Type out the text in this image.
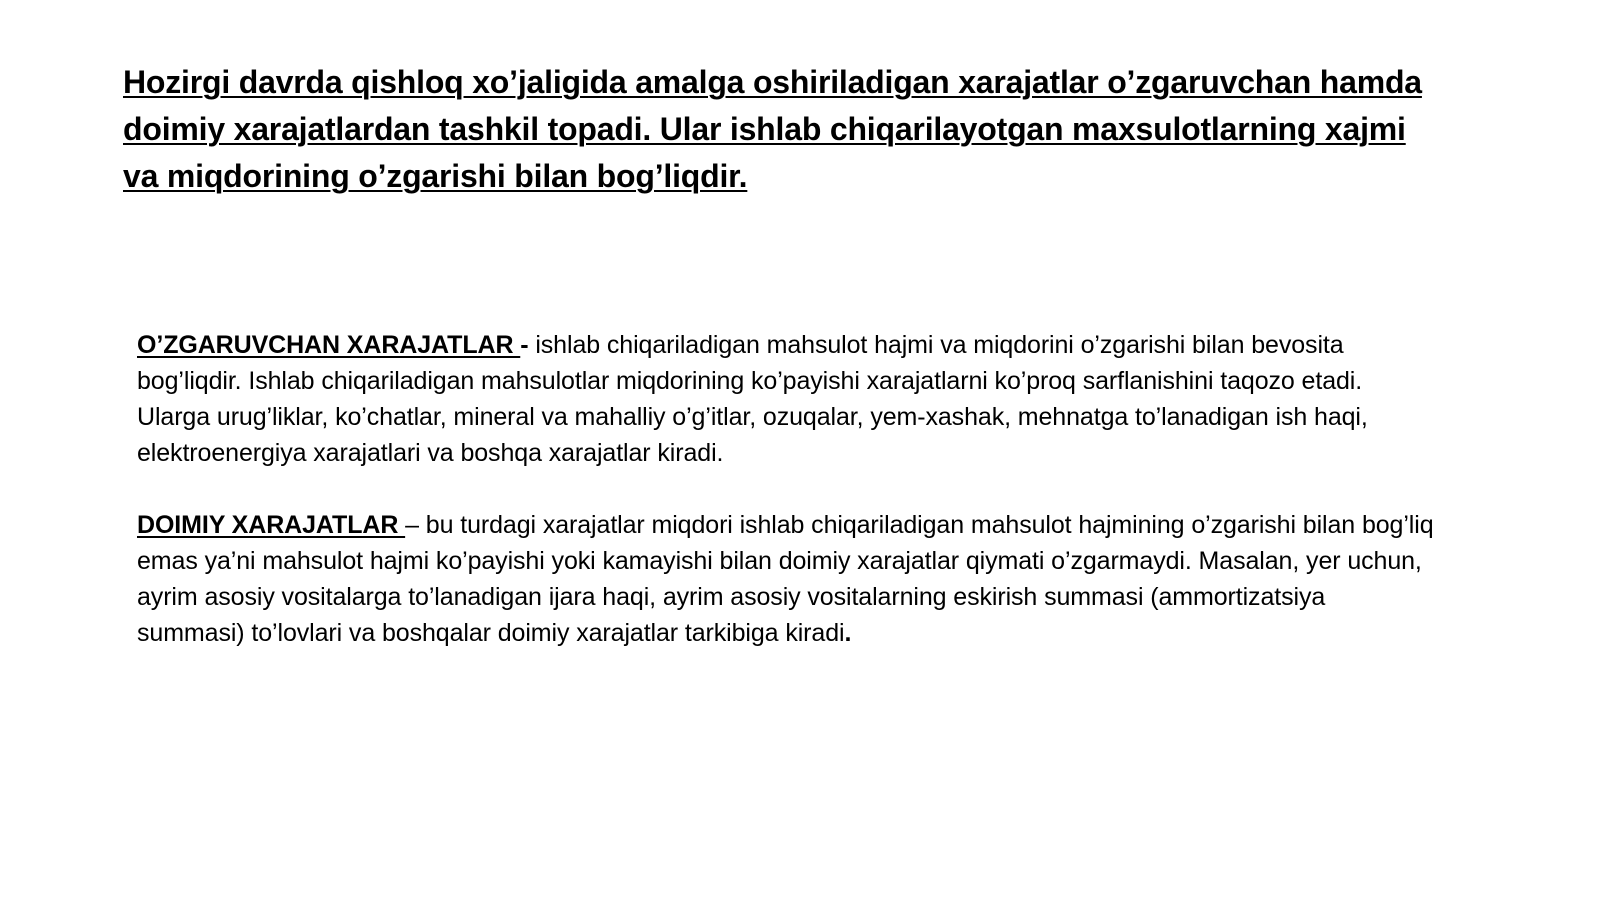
Hozirgi davrda qishloq xo’jaligida amalga oshiriladigan xarajatlar o’zgaruvchan hamda doimiy xarajatlardan tashkil topadi. Ular ishlab chiqarilayotgan maxsulotlarning xajmi va miqdorining o’zgarishi bilan bog’liqdir.

O’ZGARUVCHAN XARAJATLAR - ishlab chiqariladigan mahsulot hajmi va miqdorini o’zgarishi bilan bevosita bog’liqdir. Ishlab chiqariladigan mahsulotlar miqdorining ko’payishi xarajatlarni ko’proq sarflanishini taqozo etadi. Ularga urug’liklar, ko’chatlar, mineral va mahalliy o’g’itlar, ozuqalar, yem-xashak, mehnatga to’lanadigan ish haqi, elektroenergiya xarajatlari va boshqa xarajatlar kiradi.

DOIMIY XARAJATLAR – bu turdagi xarajatlar miqdori ishlab chiqariladigan mahsulot hajmining o’zgarishi bilan bog’liq emas ya’ni mahsulot hajmi ko’payishi yoki kamayishi bilan doimiy xarajatlar qiymati o’zgarmaydi. Masalan, yer uchun, ayrim asosiy vositalarga to’lanadigan ijara haqi, ayrim asosiy vositalarning eskirish summasi (ammortizatsiya summasi) to’lovlari va boshqalar doimiy xarajatlar tarkibiga kiradi.
